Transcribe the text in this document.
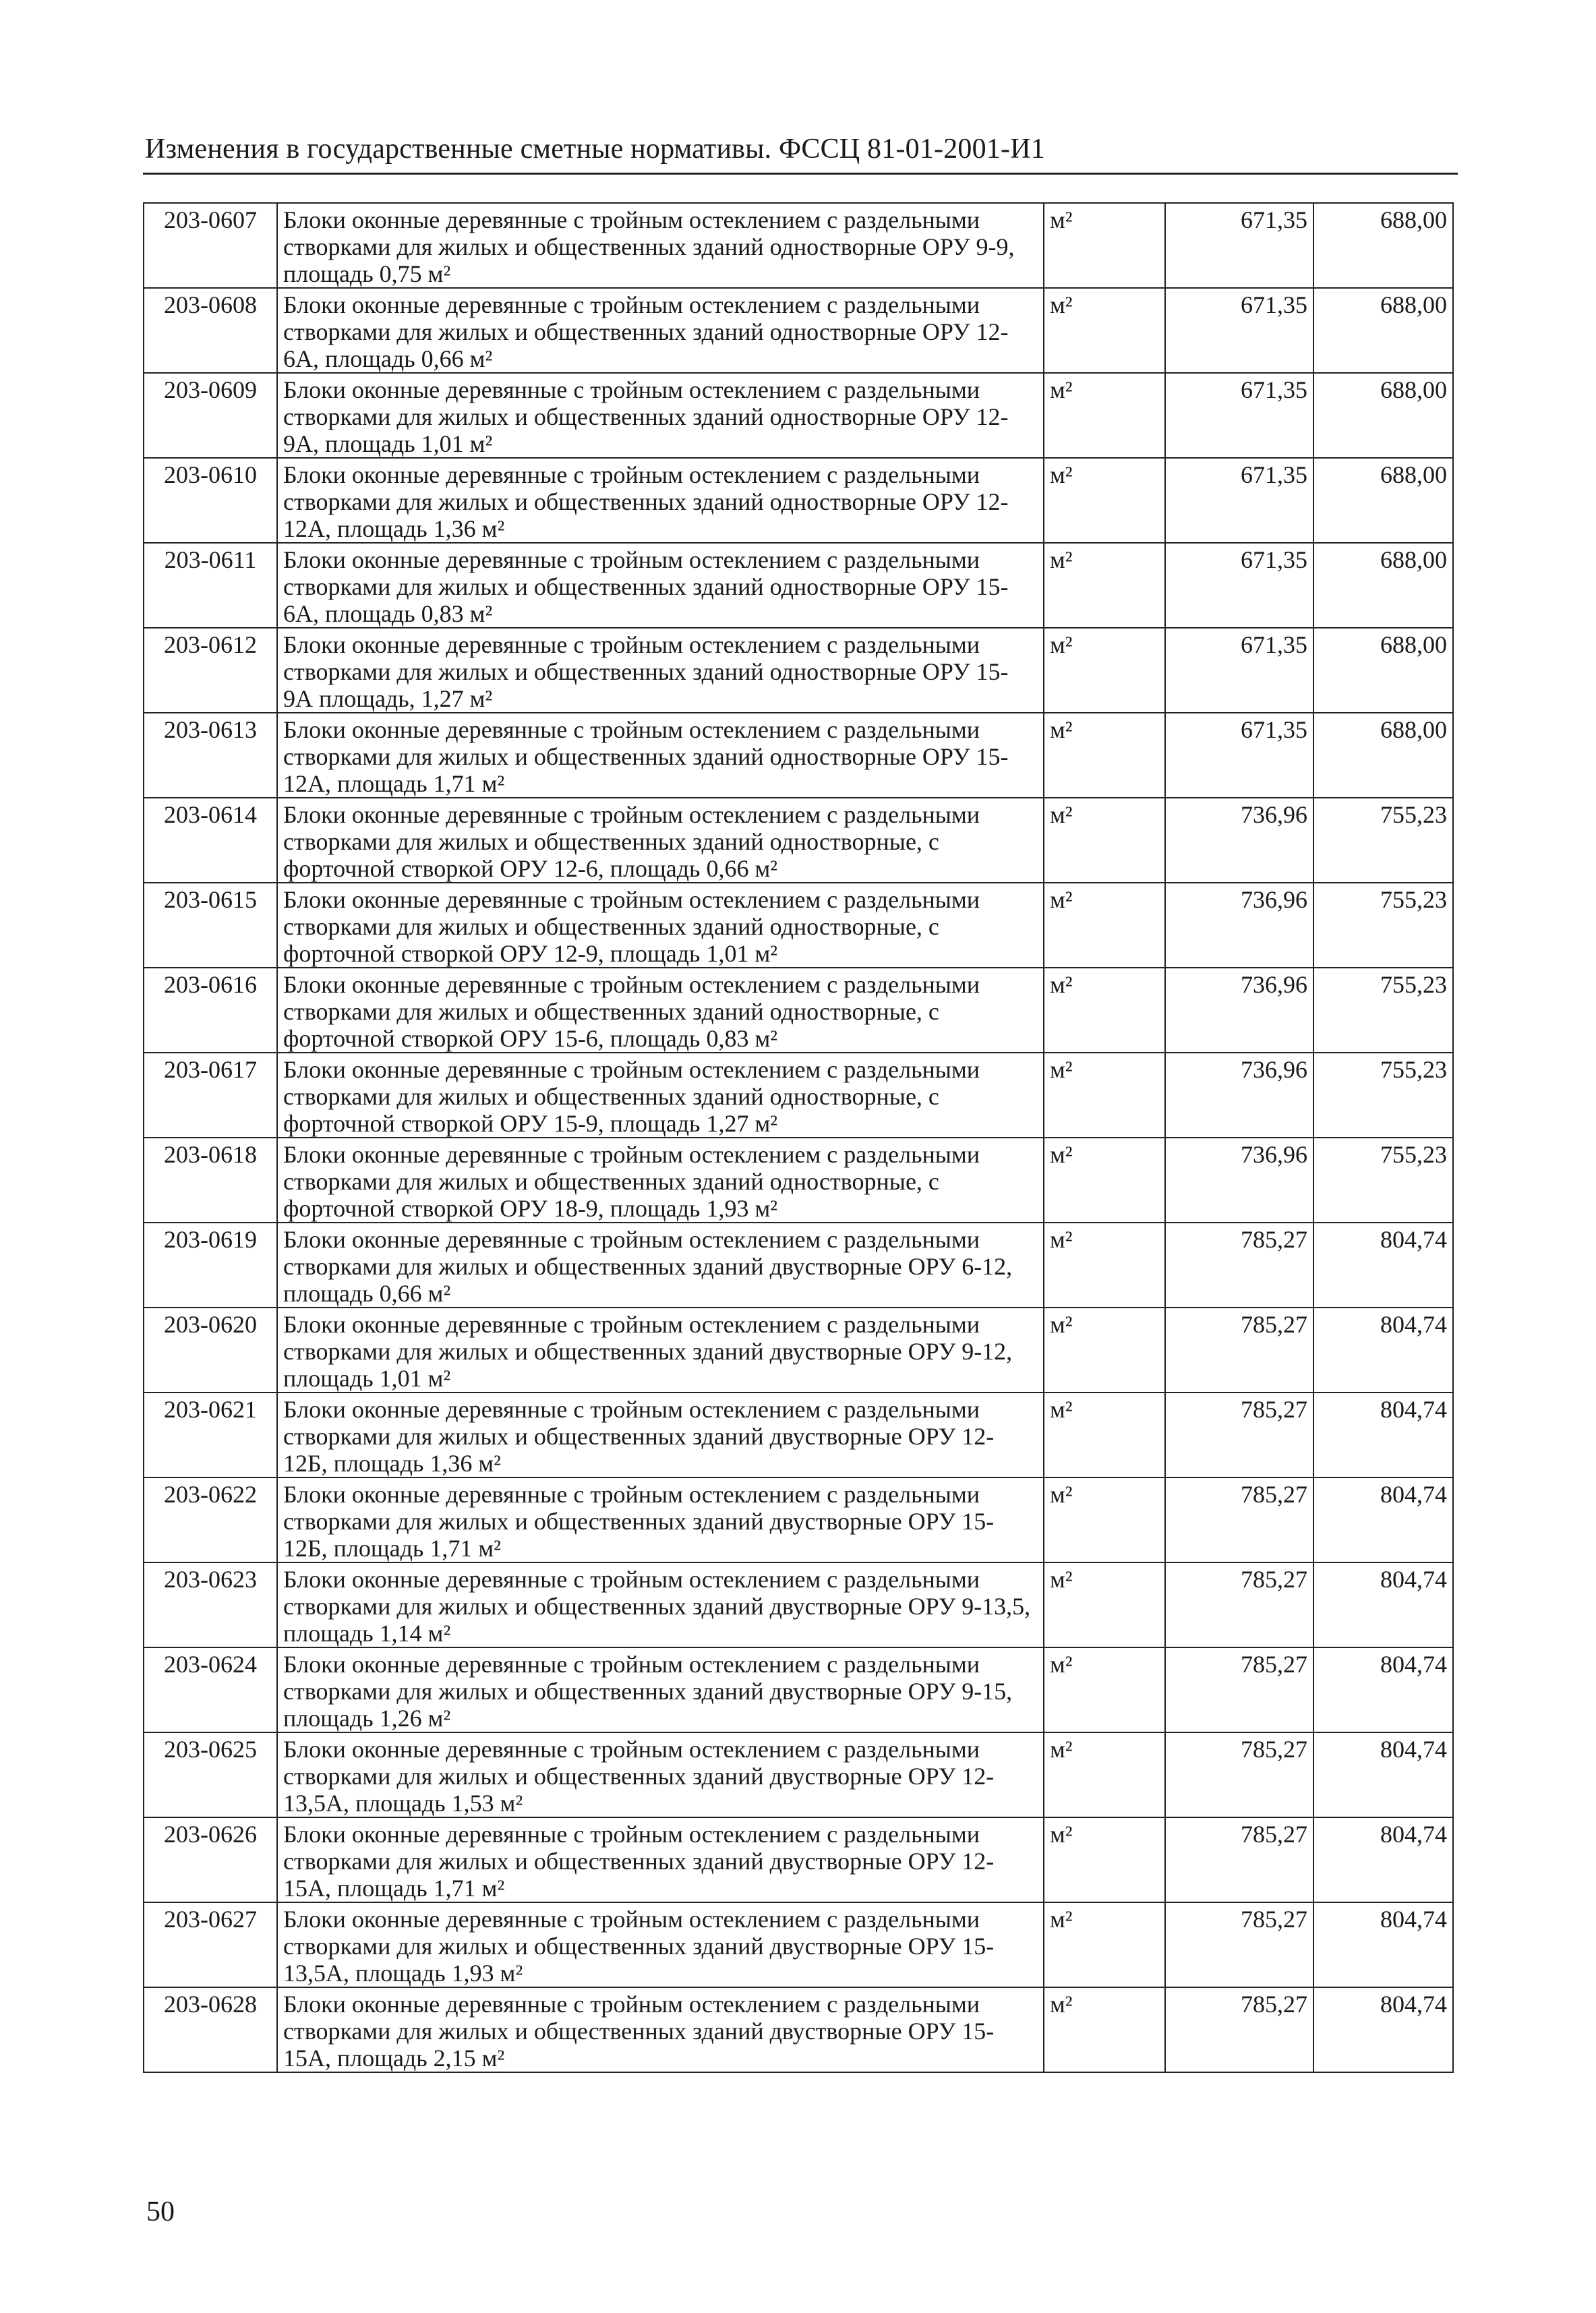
Изменения в государственные сметные нормативы. ФССЦ 81-01-2001-И1
203-0607	Блоки оконные деревянные с тройным остеклением с раздельными створками для жилых и общественных зданий одностворные ОРУ 9-9, площадь 0,75 м²	м²	671,35	688,00
203-0608	Блоки оконные деревянные с тройным остеклением с раздельными створками для жилых и общественных зданий одностворные ОРУ 12-6А, площадь 0,66 м²	м²	671,35	688,00
203-0609	Блоки оконные деревянные с тройным остеклением с раздельными створками для жилых и общественных зданий одностворные ОРУ 12-9А, площадь 1,01 м²	м²	671,35	688,00
203-0610	Блоки оконные деревянные с тройным остеклением с раздельными створками для жилых и общественных зданий одностворные ОРУ 12-12А, площадь 1,36 м²	м²	671,35	688,00
203-0611	Блоки оконные деревянные с тройным остеклением с раздельными створками для жилых и общественных зданий одностворные ОРУ 15-6А, площадь 0,83 м²	м²	671,35	688,00
203-0612	Блоки оконные деревянные с тройным остеклением с раздельными створками для жилых и общественных зданий одностворные ОРУ 15-9А площадь, 1,27 м²	м²	671,35	688,00
203-0613	Блоки оконные деревянные с тройным остеклением с раздельными створками для жилых и общественных зданий одностворные ОРУ 15-12А, площадь 1,71 м²	м²	671,35	688,00
203-0614	Блоки оконные деревянные с тройным остеклением с раздельными створками для жилых и общественных зданий одностворные, с форточной створкой ОРУ 12-6, площадь 0,66 м²	м²	736,96	755,23
203-0615	Блоки оконные деревянные с тройным остеклением с раздельными створками для жилых и общественных зданий одностворные, с форточной створкой ОРУ 12-9, площадь 1,01 м²	м²	736,96	755,23
203-0616	Блоки оконные деревянные с тройным остеклением с раздельными створками для жилых и общественных зданий одностворные, с форточной створкой ОРУ 15-6, площадь 0,83 м²	м²	736,96	755,23
203-0617	Блоки оконные деревянные с тройным остеклением с раздельными створками для жилых и общественных зданий одностворные, с форточной створкой ОРУ 15-9, площадь 1,27 м²	м²	736,96	755,23
203-0618	Блоки оконные деревянные с тройным остеклением с раздельными створками для жилых и общественных зданий одностворные, с форточной створкой ОРУ 18-9, площадь 1,93 м²	м²	736,96	755,23
203-0619	Блоки оконные деревянные с тройным остеклением с раздельными створками для жилых и общественных зданий двустворные ОРУ 6-12, площадь 0,66 м²	м²	785,27	804,74
203-0620	Блоки оконные деревянные с тройным остеклением с раздельными створками для жилых и общественных зданий двустворные ОРУ 9-12, площадь 1,01 м²	м²	785,27	804,74
203-0621	Блоки оконные деревянные с тройным остеклением с раздельными створками для жилых и общественных зданий двустворные ОРУ 12-12Б, площадь 1,36 м²	м²	785,27	804,74
203-0622	Блоки оконные деревянные с тройным остеклением с раздельными створками для жилых и общественных зданий двустворные ОРУ 15-12Б, площадь 1,71 м²	м²	785,27	804,74
203-0623	Блоки оконные деревянные с тройным остеклением с раздельными створками для жилых и общественных зданий двустворные ОРУ 9-13,5, площадь 1,14 м²	м²	785,27	804,74
203-0624	Блоки оконные деревянные с тройным остеклением с раздельными створками для жилых и общественных зданий двустворные ОРУ 9-15, площадь 1,26 м²	м²	785,27	804,74
203-0625	Блоки оконные деревянные с тройным остеклением с раздельными створками для жилых и общественных зданий двустворные ОРУ 12-13,5А, площадь 1,53 м²	м²	785,27	804,74
203-0626	Блоки оконные деревянные с тройным остеклением с раздельными створками для жилых и общественных зданий двустворные ОРУ 12-15А, площадь 1,71 м²	м²	785,27	804,74
203-0627	Блоки оконные деревянные с тройным остеклением с раздельными створками для жилых и общественных зданий двустворные ОРУ 15-13,5А, площадь 1,93 м²	м²	785,27	804,74
203-0628	Блоки оконные деревянные с тройным остеклением с раздельными створками для жилых и общественных зданий двустворные ОРУ 15-15А, площадь 2,15 м²	м²	785,27	804,74
50
